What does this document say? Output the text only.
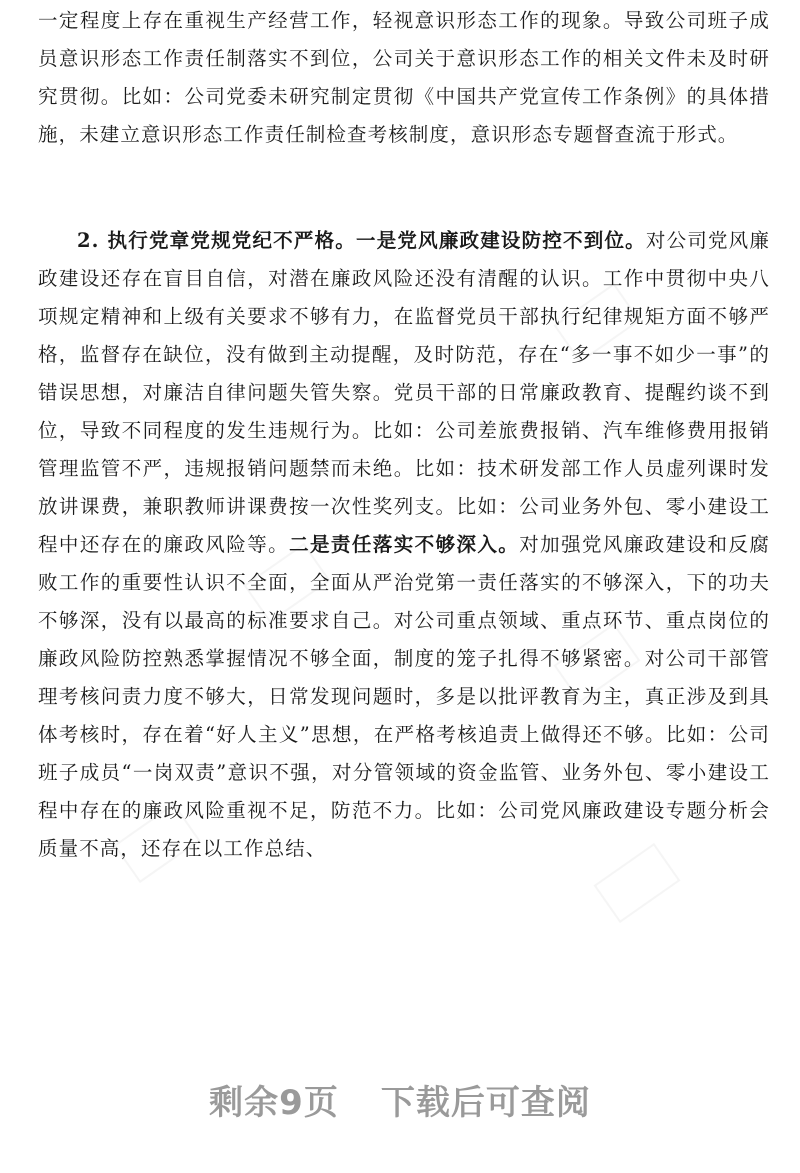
一定程度上存在重视生产经营工作，轻视意识形态工作的现象。导致公司班子成员意识形态工作责任制落实不到位，公司关于意识形态工作的相关文件未及时研究贯彻。比如：公司党委未研究制定贯彻《中国共产党宣传工作条例》的具体措施，未建立意识形态工作责任制检查考核制度，意识形态专题督查流于形式。

2. 执行党章党规党纪不严格。一是党风廉政建设防控不到位。对公司党风廉政建设还存在盲目自信，对潜在廉政风险还没有清醒的认识。工作中贯彻中央八项规定精神和上级有关要求不够有力，在监督党员干部执行纪律规矩方面不够严格，监督存在缺位，没有做到主动提醒，及时防范，存在“多一事不如少一事”的错误思想，对廉洁自律问题失管失察。党员干部的日常廉政教育、提醒约谈不到位，导致不同程度的发生违规行为。比如：公司差旅费报销、汽车维修费用报销管理监管不严，违规报销问题禁而未绝。比如：技术研发部工作人员虚列课时发放讲课费，兼职教师讲课费按一次性奖列支。比如：公司业务外包、零小建设工程中还存在的廉政风险等。二是责任落实不够深入。对加强党风廉政建设和反腐败工作的重要性认识不全面，全面从严治党第一责任落实的不够深入，下的功夫不够深，没有以最高的标准要求自己。对公司重点领域、重点环节、重点岗位的廉政风险防控熟悉掌握情况不够全面，制度的笼子扎得不够紧密。对公司干部管理考核问责力度不够大，日常发现问题时，多是以批评教育为主，真正涉及到具体考核时，存在着“好人主义”思想，在严格考核追责上做得还不够。比如：公司班子成员“一岗双责”意识不强，对分管领域的资金监管、业务外包、零小建设工程中存在的廉政风险重视不足，防范不力。比如：公司党风廉政建设专题分析会质量不高，还存在以工作总结、

剩余9页 下载后可查阅
